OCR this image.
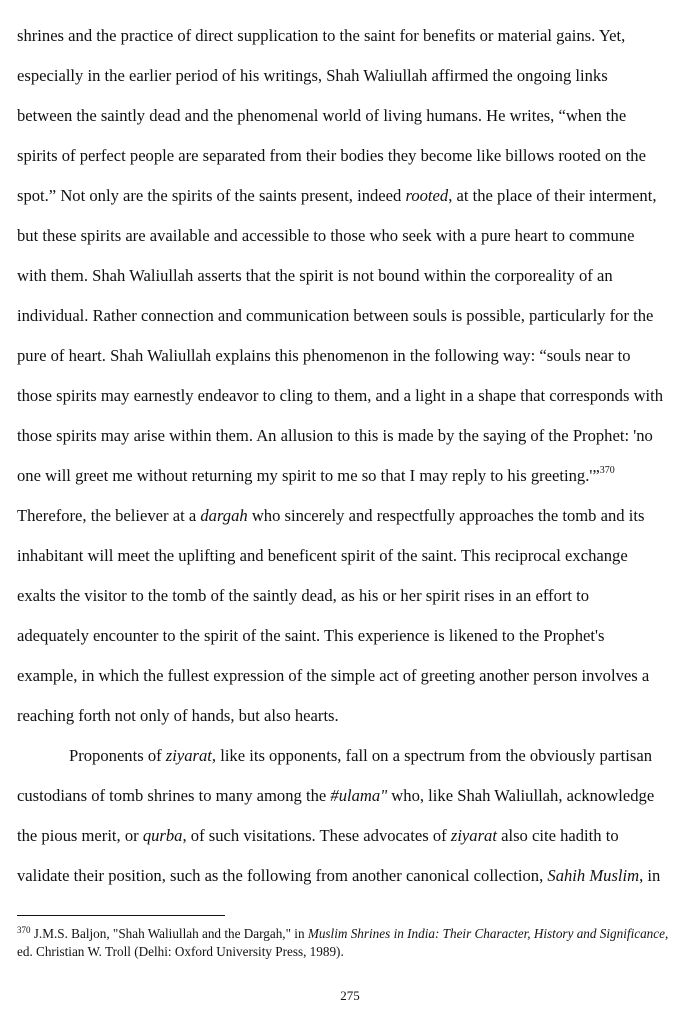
shrines and the practice of direct supplication to the saint for benefits or material gains. Yet,
especially in the earlier period of his writings, Shah Waliullah affirmed the ongoing links
between the saintly dead and the phenomenal world of living humans. He writes, “when the
spirits of perfect people are separated from their bodies they become like billows rooted on the
spot.” Not only are the spirits of the saints present, indeed rooted, at the place of their interment,
but these spirits are available and accessible to those who seek with a pure heart to commune
with them. Shah Waliullah asserts that the spirit is not bound within the corporeality of an
individual. Rather connection and communication between souls is possible, particularly for the
pure of heart. Shah Waliullah explains this phenomenon in the following way: “souls near to
those spirits may earnestly endeavor to cling to them, and a light in a shape that corresponds with
those spirits may arise within them. An allusion to this is made by the saying of the Prophet: 'no
one will greet me without returning my spirit to me so that I may reply to his greeting.'”$^{370}$
Therefore, the believer at a dargah who sincerely and respectfully approaches the tomb and its
inhabitant will meet the uplifting and beneficent spirit of the saint. This reciprocal exchange
exalts the visitor to the tomb of the saintly dead, as his or her spirit rises in an effort to
adequately encounter to the spirit of the saint. This experience is likened to the Prophet's
example, in which the fullest expression of the simple act of greeting another person involves a
reaching forth not only of hands, but also hearts.
Proponents of ziyarat, like its opponents, fall on a spectrum from the obviously partisan
custodians of tomb shrines to many among the #ulama" who, like Shah Waliullah, acknowledge
the pious merit, or qurba, of such visitations. These advocates of ziyarat also cite hadith to
validate their position, such as the following from another canonical collection, Sahih Muslim, in
$^{370}$ J.M.S. Baljon, "Shah Waliullah and the Dargah," in Muslim Shrines in India: Their Character, History and Significance, ed. Christian W. Troll (Delhi: Oxford University Press, 1989).
275
